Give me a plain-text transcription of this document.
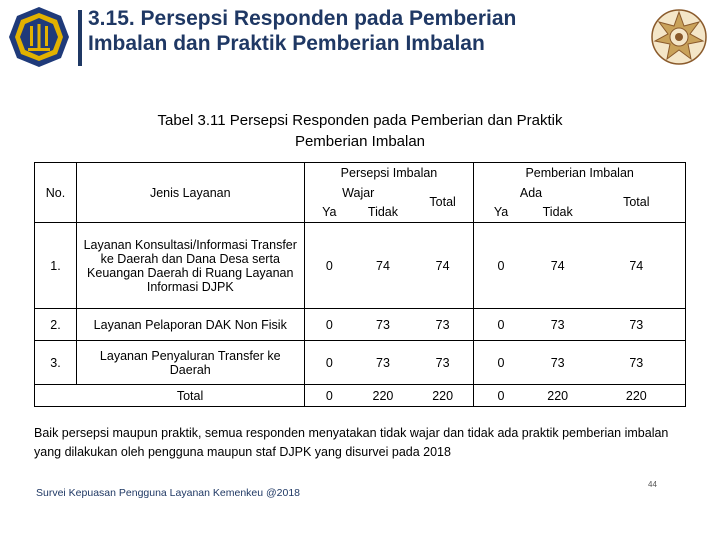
3.15. Persepsi Responden pada Pemberian
Imbalan dan Praktik Pemberian Imbalan
Tabel 3.11 Persepsi Responden pada Pemberian dan Praktik
Pemberian Imbalan
No.	Jenis Layanan	Persepsi Imbalan			Pemberian Imbalan		
		Wajar		Total	Ada		Total
		Ya	Tidak		Ya	Tidak	
1.	Layanan Konsultasi/Informasi Transfer ke Daerah dan Dana Desa serta Keuangan Daerah di Ruang Layanan Informasi DJPK	0	74	74	0	74	74
2.	Layanan Pelaporan DAK Non Fisik	0	73	73	0	73	73
3.	Layanan Penyaluran Transfer ke Daerah	0	73	73	0	73	73
	Total	0	220	220	0	220	220
Baik persepsi maupun praktik, semua responden menyatakan tidak wajar dan tidak ada praktik pemberian imbalan yang dilakukan oleh pengguna maupun staf DJPK yang disurvei pada 2018
Survei Kepuasan Pengguna Layanan Kemenkeu @2018
44
